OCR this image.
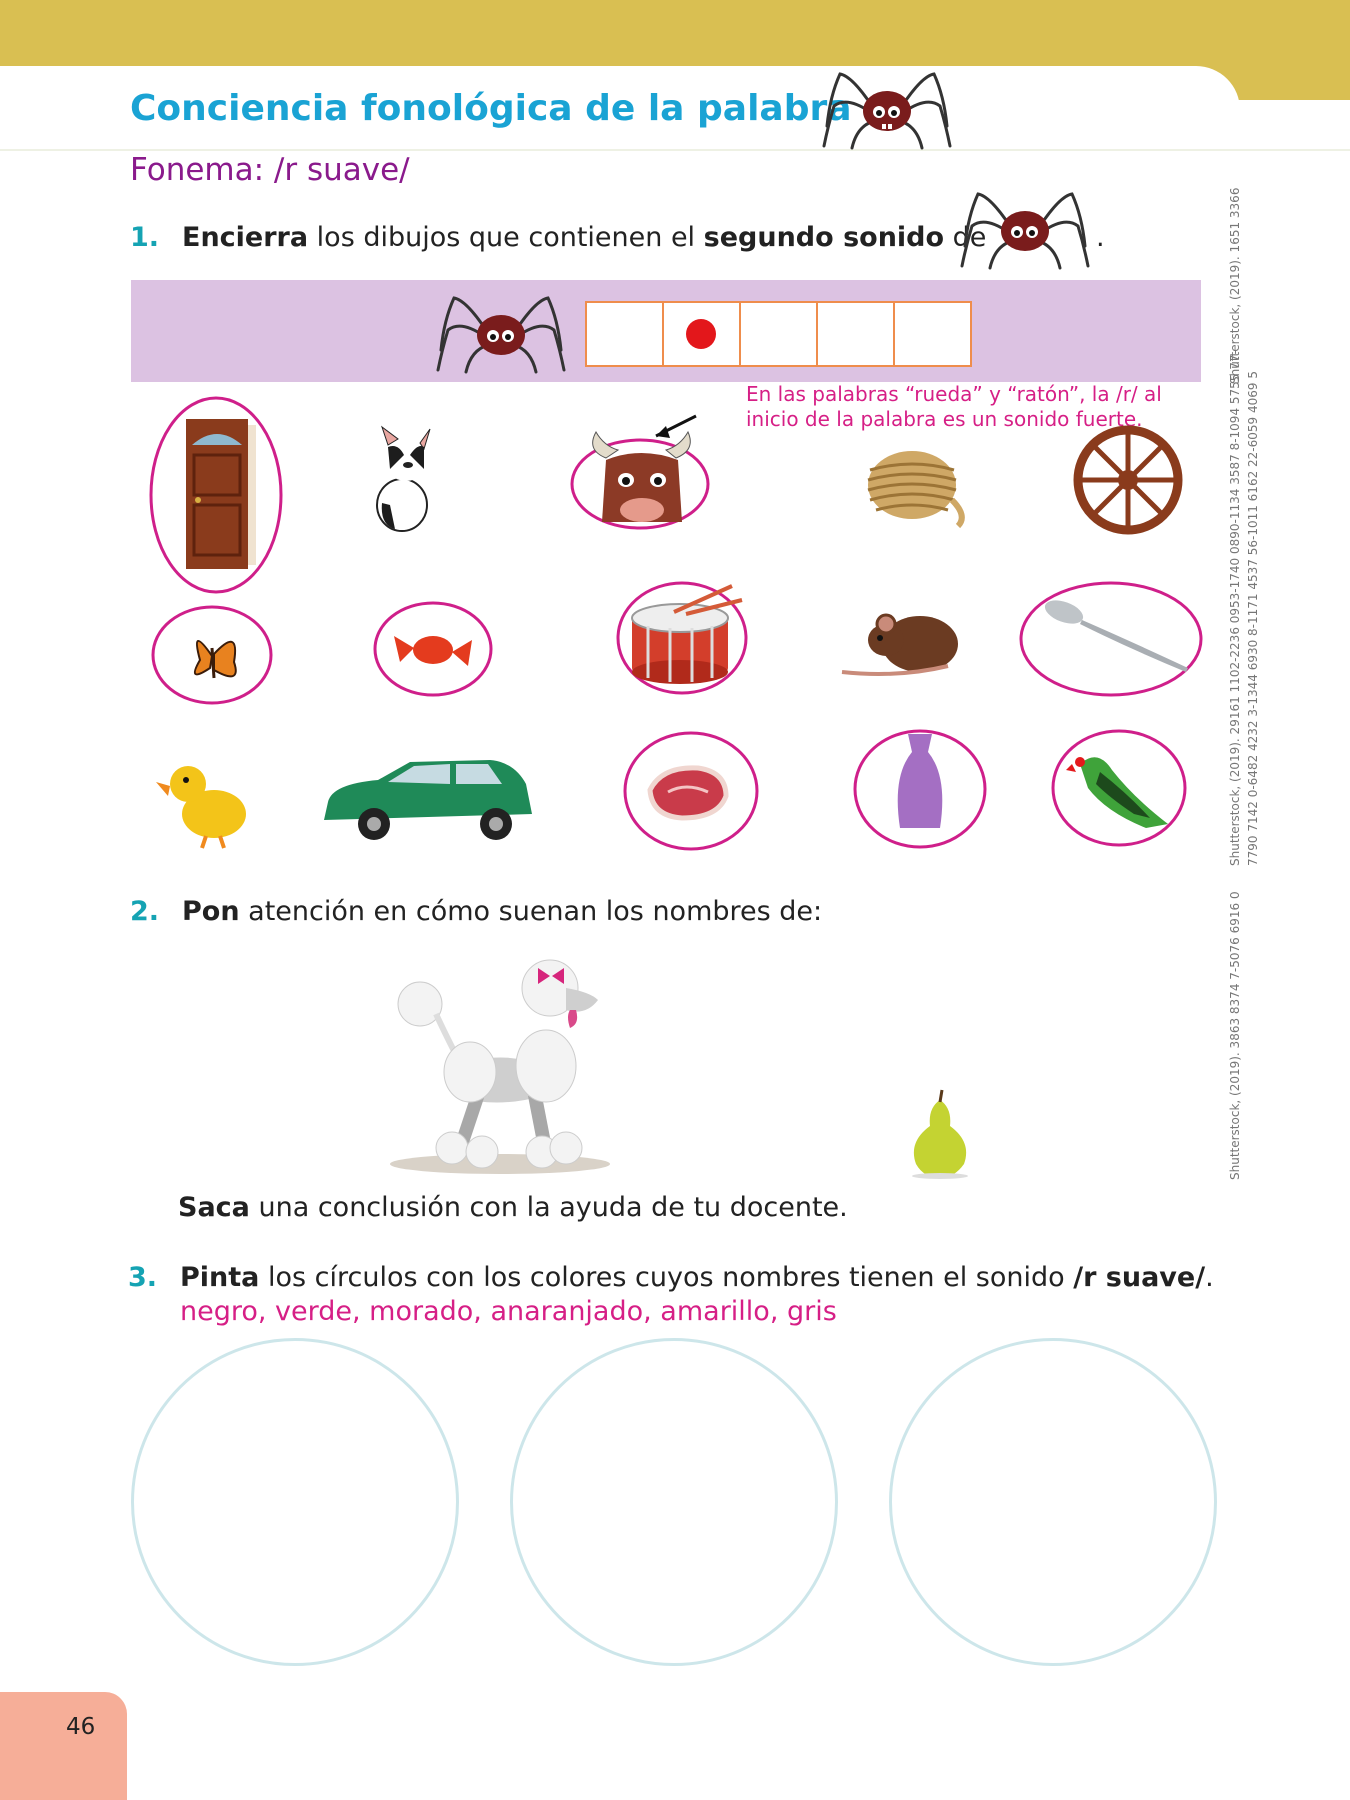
Conciencia fonológica de la palabra
Fonema: /r suave/
1. Encierra los dibujos que contienen el segundo sonido de	.
En las palabras “rueda” y “ratón”, la /r/ al
inicio de la palabra es un sonido fuerte.
2. Pon atención en cómo suenan los nombres de:
Saca una conclusión con la ayuda de tu docente.
3. Pinta los círculos con los colores cuyos nombres tienen el sonido /r suave/.
negro, verde, morado, anaranjado, amarillo, gris
Shutterstock, (2019). 1651 3366
Shutterstock, (2019). 29161 1102-2236 0953-1740 0890-1134 3587 8-1094 5755 77- 7790 7142 0-6482 4232 3-1344 6930 8-1171 4537 56-1011 6162 22-6059 4069 5
Shutterstock, (2019). 3863 8374 7-5076 6916 0
46
